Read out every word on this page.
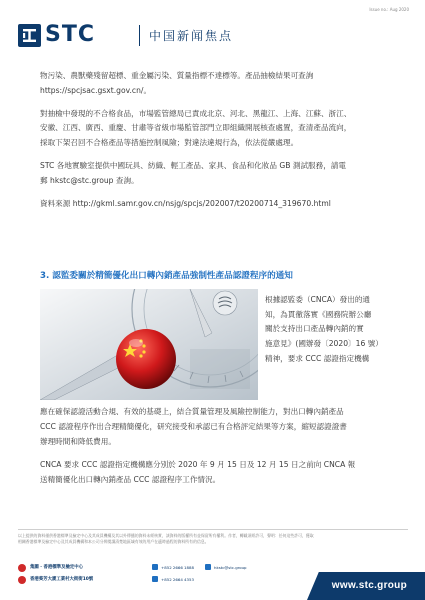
Issue no.: Aug 2020
STC	中国新闻焦点

物污染、農獸藥殘留超標、重金屬污染、質量指標不達標等。產品抽檢結果可查詢
https://spcjsac.gsxt.gov.cn/。

對抽檢中發現的不合格食品，市場監管總局已責成北京、河北、黑龍江、上海、江蘇、浙江、
安徽、江西、廣西、重慶、甘肅等省級市場監管部門立即組織開展核查處置，查清產品流向，
採取下架召回不合格產品等措施控制風險；對違法違規行為，依法從嚴處理。

STC 各地實驗室提供中國玩具、紡織、輕工產品、家具、食品和化妝品 GB 測試服務，請電
郵 hkstc@stc.group 查詢。

資料來源 http://gkml.samr.gov.cn/nsjg/spcjs/202007/t20200714_319670.html

3. 認監委關於精簡優化出口轉內銷產品強制性產品認證程序的通知
根據認監委（CNCA）發出的通
知，為貫徹落實《國務院辦公廳
關於支持出口產品轉內銷的實
施意見》(國辦發〔2020〕16 號）
精神，要求 CCC 認證指定機構
應在確保認證活動合規、有效的基礎上，結合質量管理及風險控制能力，對出口轉內銷產品
CCC 認證程序作出合理精簡優化，研究接受和承認已有合格評定結果等方案，縮短認證證書
辦理時間和降低費用。
CNCA 要求 CCC 認證指定機構應分別於 2020 年 9 月 15 日及 12 月 15 日之前向 CNCA 報
送精簡優化出口轉內銷產品 CCC 認證程序工作情況。
以上提供的資料僅供香港標準及檢定中心及其成員機構及其以外傳播的資料未經核實，該資料的版權所有並保留所有權利。作者，轉載須經許可，聲明：任何這些許可，獲取
相關香港標準及檢定中心及其成員機構和本公司分辨閱讀清楚地區域有效的用戶在適時過程的資料所有的信息。
集團 · 香港標準及檢定中心
香港葵芳大廈工業村大街街10號
+852 2666 1888
+852 2664 4353
hkstc@stc.group
www.stc.group
